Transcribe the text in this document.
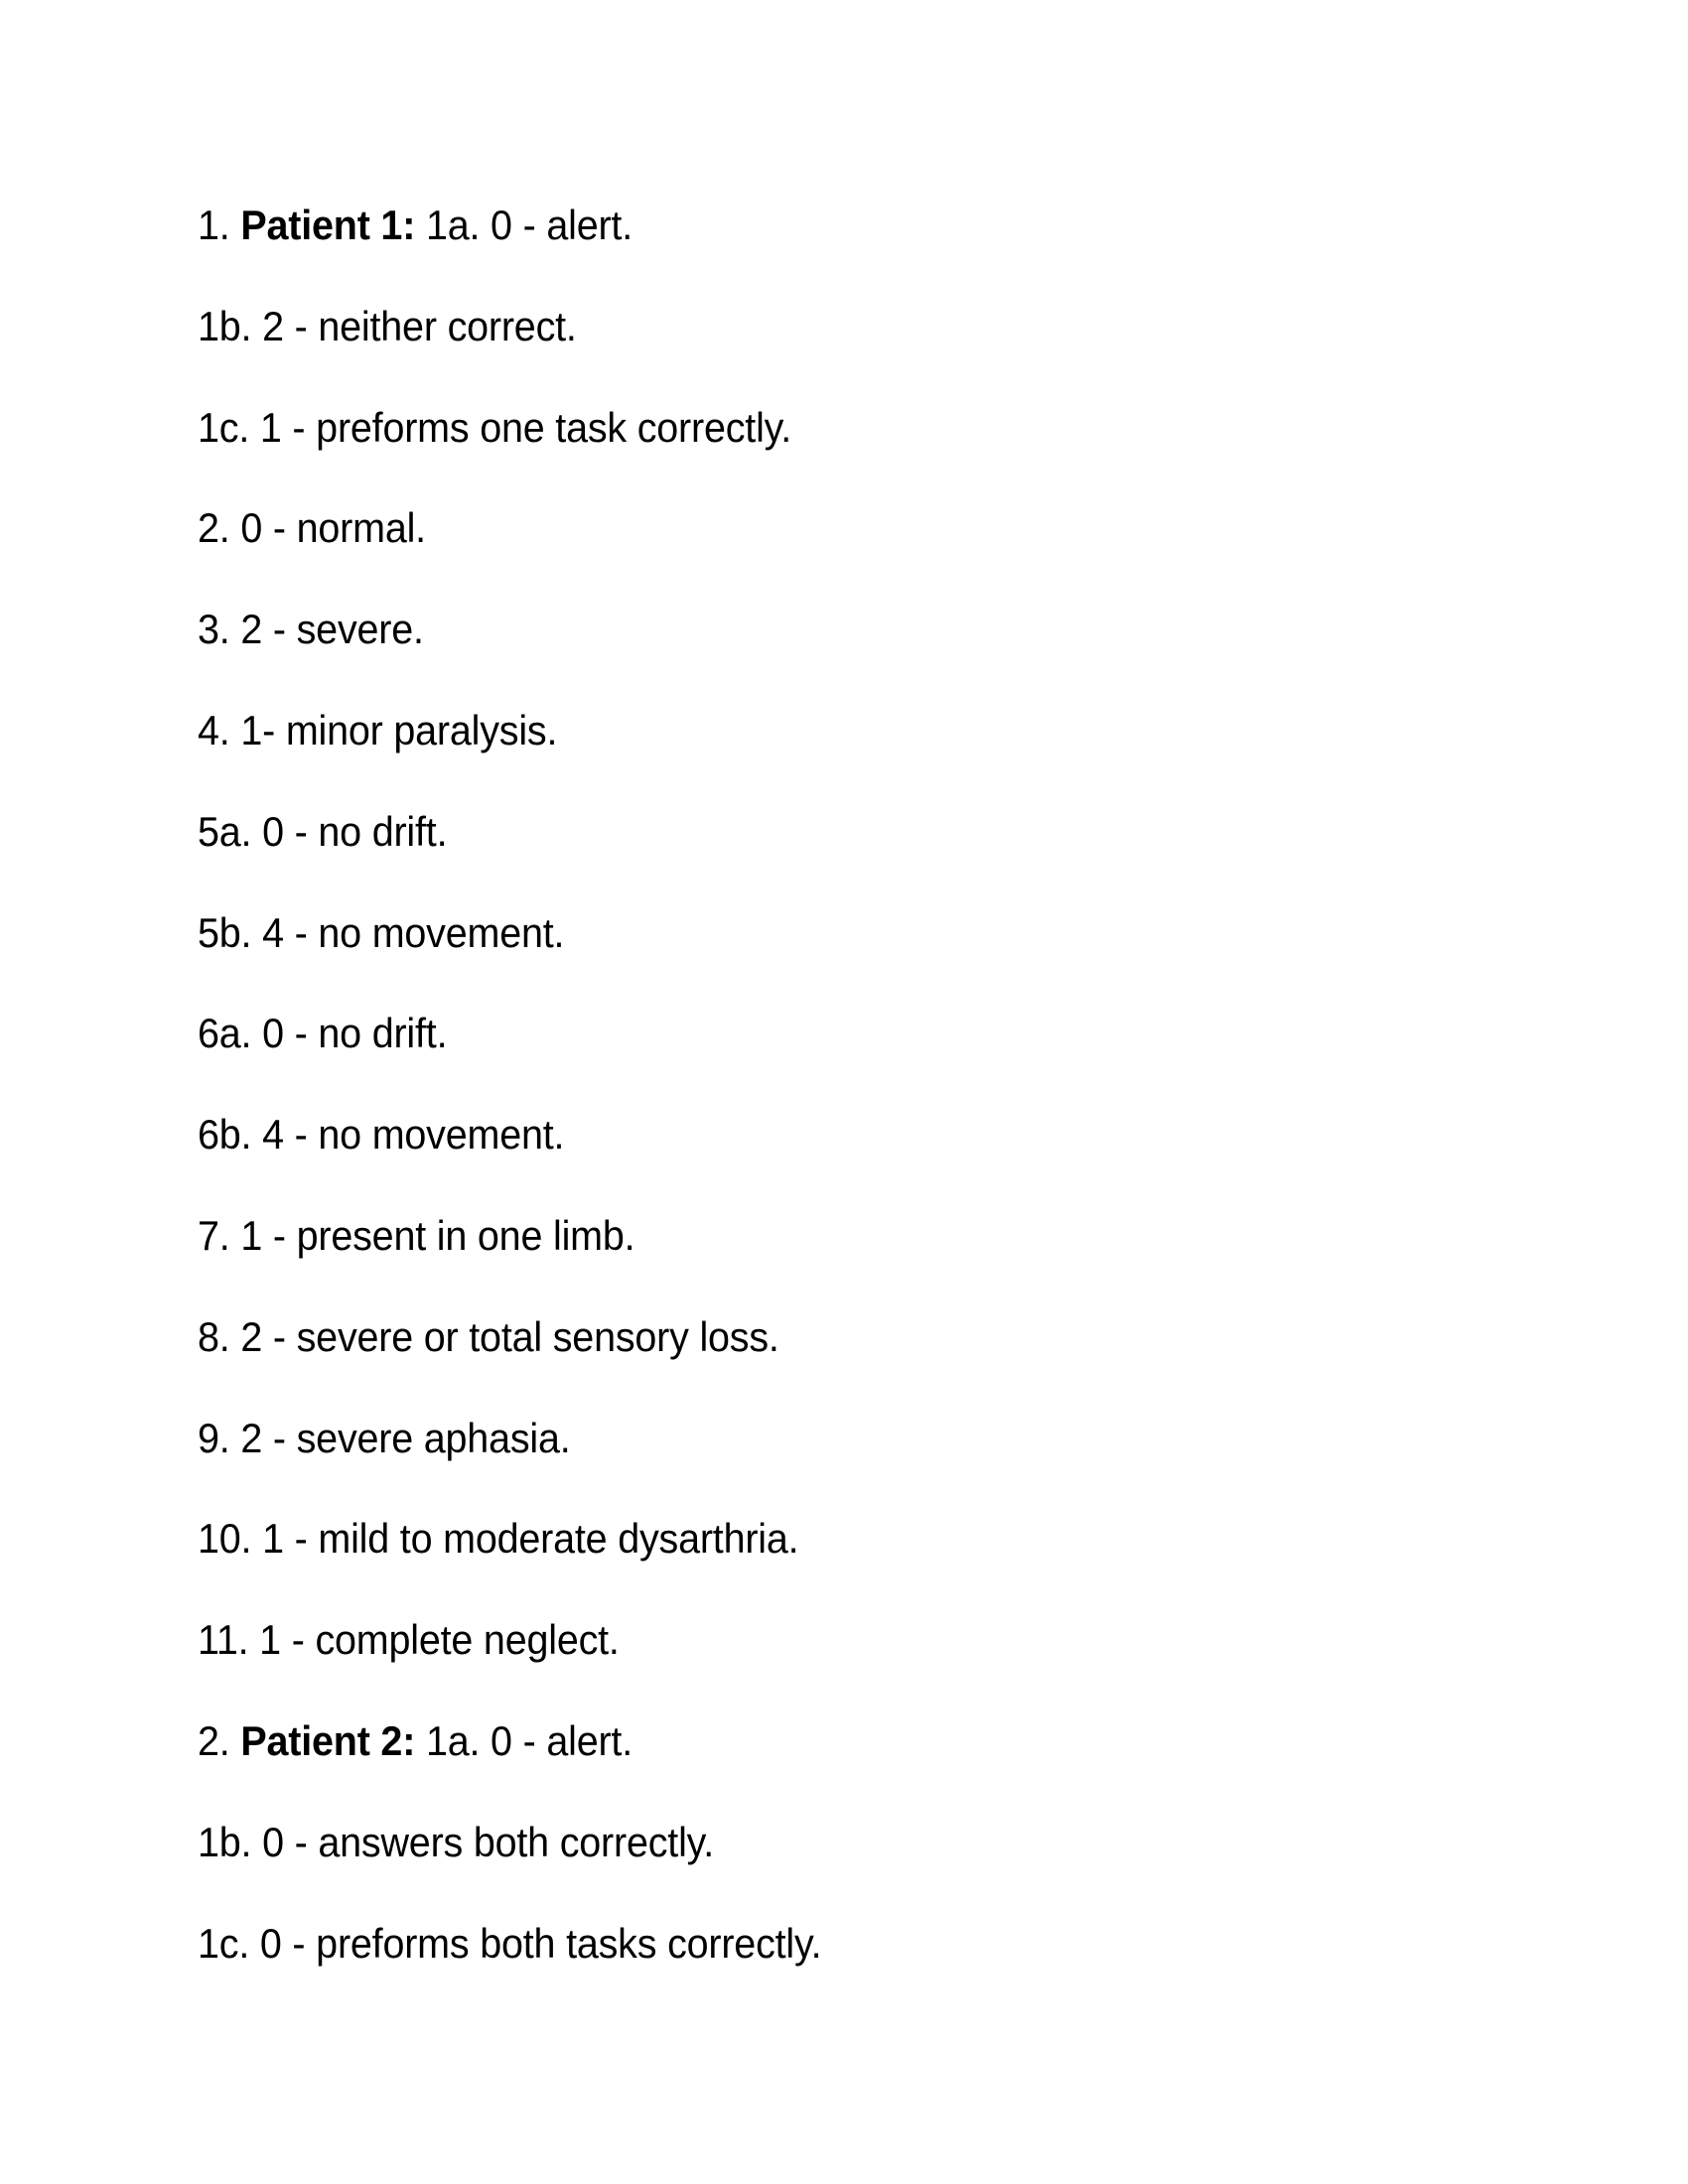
1. Patient 1: 1a. 0 - alert.
1b. 2 - neither correct.
1c. 1 - preforms one task correctly.
2. 0 - normal.
3. 2 - severe.
4. 1- minor paralysis.
5a. 0 - no drift.
5b. 4 - no movement.
6a. 0 - no drift.
6b. 4 - no movement.
7. 1 - present in one limb.
8. 2 - severe or total sensory loss.
9. 2 - severe aphasia.
10. 1 - mild to moderate dysarthria.
11. 1 - complete neglect.
2. Patient 2: 1a. 0 - alert.
1b. 0 - answers both correctly.
1c. 0 - preforms both tasks correctly.
